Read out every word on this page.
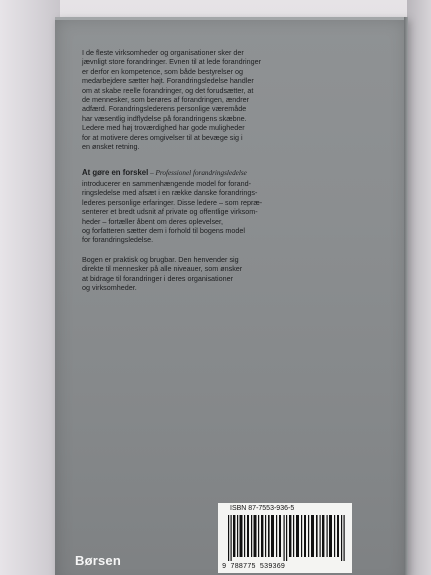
I de fleste virksomheder og organisationer sker der
jævnligt store forandringer. Evnen til at lede forandringer
er derfor en kompetence, som både bestyrelser og
medarbejdere sætter højt. Forandringsledelse handler
om at skabe reelle forandringer, og det forudsætter, at
de mennesker, som berøres af forandringen, ændrer
adfærd. Forandringslederens personlige væremåde
har væsentlig indflydelse på forandringens skæbne.
Ledere med høj troværdighed har gode muligheder
for at motivere deres omgivelser til at bevæge sig i
en ønsket retning.
At gøre en forskel – Professionel forandringsledelse
introducerer en sammenhængende model for forand-
ringsledelse med afsæt i en række danske forandrings-
lederes personlige erfaringer. Disse ledere – som repræ-
senterer et bredt udsnit af private og offentlige virksom-
heder – fortæller åbent om deres oplevelser,
og forfatteren sætter dem i forhold til bogens model
for forandringsledelse.
Bogen er praktisk og brugbar. Den henvender sig
direkte til mennesker på alle niveauer, som ønsker
at bidrage til forandringer i deres organisationer
og virksomheder.
ISBN 87-7553-936-5
9 788775 539369
Børsen
